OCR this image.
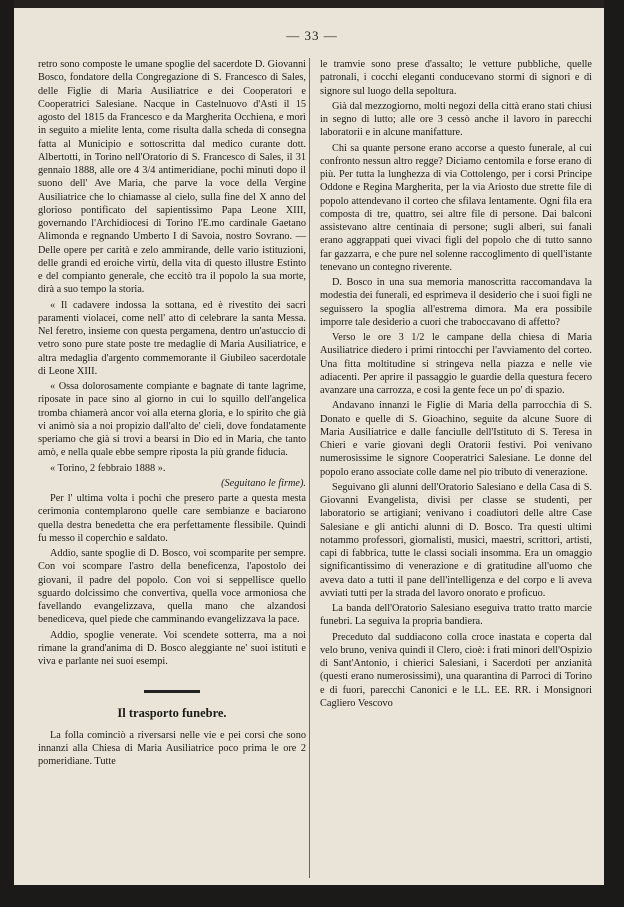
— 33 —

retro sono composte le umane spoglie del sacerdote D. Giovanni Bosco, fondatore della Congregazione di S. Francesco di Sales, delle Figlie di Maria Ausiliatrice e dei Cooperatori e Cooperatrici Salesiane. Nacque in Castelnuovo d'Asti il 15 agosto del 1815 da Francesco e da Margherita Occhiena, e morì in seguito a mielite lenta, come risulta dalla scheda di consegna fatta al Municipio e sottoscritta dal medico curante dott. Albertotti, in Torino nell'Oratorio di S. Francesco di Sales, il 31 gennaio 1888, alle ore 4 3/4 antimeridiane, pochi minuti dopo il suono dell' Ave Maria, che parve la voce della Vergine Ausiliatrice che lo chiamasse al cielo, sulla fine del X anno del glorioso pontificato del sapientissimo Papa Leone XIII, governando l'Archidiocesi di Torino l'E.mo cardinale Gaetano Alimonda e regnando Umberto I di Savoia, nostro Sovrano. — Delle opere per carità e zelo ammirande, delle vario istituzioni, delle grandi ed eroiche virtù, della vita di questo illustre Estinto e del compianto generale, che eccitò tra il popolo la sua morte, dirà a suo tempo la storia.

« Il cadavere indossa la sottana, ed è rivestito dei sacri paramenti violacei, come nell' atto di celebrare la santa Messa. Nel feretro, insieme con questa pergamena, dentro un'astuccio di vetro sono pure state poste tre medaglie di Maria Ausiliatrice, e altra medaglia d'argento commemorante il Giubileo sacerdotale di Leone XIII.

« Ossa dolorosamente compiante e bagnate di tante lagrime, riposate in pace sino al giorno in cui lo squillo dell'angelica tromba chiamerà ancor voi alla eterna gloria, e lo spirito che già vi animò sia a noi propizio dall'alto de' cieli, dove fondatamente speriamo che già si trovi a bearsi in Dio ed in Maria, che tanto amò, e nella quale ebbe sempre riposta la più grande fiducia.

« Torino, 2 febbraio 1888 ».

(Seguitano le firme).

Per l' ultima volta i pochi che presero parte a questa mesta cerimonia contemplarono quelle care sembianze e baciarono quella destra benedetta che era perfettamente flessibile. Quindi fu messo il coperchio e saldato.

Addio, sante spoglie di D. Bosco, voi scomparite per sempre. Con voi scompare l'astro della beneficenza, l'apostolo dei giovani, il padre del popolo. Con voi si seppellisce quello sguardo dolcissimo che convertiva, quella voce armoniosa che favellando evangelizzava, quella mano che alzandosi benediceva, quel piede che camminando evangelizzava la pace.

Addio, spoglie venerate. Voi scendete sotterra, ma a noi rimane la grand'anima di D. Bosco aleggiante ne' suoi istituti e viva e parlante nei suoi esempi.

Il trasporto funebre.

La folla cominciò a riversarsi nelle vie e pei corsi che sono innanzi alla Chiesa di Maria Ausiliatrice poco prima le ore 2 pomeridiane. Tutte

le tramvie sono prese d'assalto; le vetture pubbliche, quelle patronali, i cocchi eleganti conducevano stormi di signori e di signore sul luogo della sepoltura.

Già dal mezzogiorno, molti negozi della città erano stati chiusi in segno di lutto; alle ore 3 cessò anche il lavoro in parecchi laboratorii e in alcune manifatture.

Chi sa quante persone erano accorse a questo funerale, al cui confronto nessun altro regge? Diciamo centomila e forse erano di più. Per tutta la lunghezza di via Cottolengo, per i corsi Principe Oddone e Regina Margherita, per la via Ariosto due strette file di popolo attendevano il corteo che sfilava lentamente. Ogni fila era composta di tre, quattro, sei altre file di persone. Dai balconi assistevano altre centinaia di persone; sugli alberi, sui fanali erano aggrappati quei vivaci figli del popolo che di tutto sanno far gazzarra, e che pure nel solenne raccoglimento di quell'istante tenevano un contegno riverente.

D. Bosco in una sua memoria manoscritta raccomandava la modestia dei funerali, ed esprimeva il desiderio che i suoi figli ne seguissero la spoglia all'estrema dimora. Ma era possibile imporre tale desiderio a cuori che traboccavano di affetto?

Verso le ore 3 1/2 le campane della chiesa di Maria Ausiliatrice diedero i primi rintocchi per l'avviamento del corteo. Una fitta moltitudine si stringeva nella piazza e nelle vie adiacenti. Per aprire il passaggio le guardie della questura fecero avanzare una carrozza, e così la gente fece un po' di spazio.

Andavano innanzi le Figlie di Maria della parrocchia di S. Donato e quelle di S. Gioachino, seguite da alcune Suore di Maria Ausiliatrice e dalle fanciulle dell'Istituto di S. Teresa in Chieri e varie giovani degli Oratorii festivi. Poi venivano numerosissime le signore Cooperatrici Salesiane. Le donne del popolo erano associate colle dame nel pio tributo di venerazione.

Seguivano gli alunni dell'Oratorio Salesiano e della Casa di S. Giovanni Evangelista, divisi per classe se studenti, per laboratorio se artigiani; venivano i coadiutori delle altre Case Salesiane e gli antichi alunni di D. Bosco. Tra questi ultimi notammo professori, giornalisti, musici, maestri, scrittori, artisti, capi di fabbrica, tutte le classi sociali insomma. Era un omaggio significantissimo di venerazione e di gratitudine all'uomo che aveva dato a tutti il pane dell'intelligenza e del corpo e li aveva avviati tutti per la strada del lavoro onorato e proficuo.

La banda dell'Oratorio Salesiano eseguiva tratto tratto marcie funebri. La seguiva la propria bandiera.

Preceduto dal suddiacono colla croce inastata e coperta dal velo bruno, veniva quindi il Clero, cioè: i frati minori dell'Ospizio di Sant'Antonio, i chierici Salesiani, i Sacerdoti per anzianità (questi erano numerosissimi), una quarantina di Parroci di Torino e di fuori, parecchi Canonici e le LL. EE. RR. i Monsignori Cagliero Vescovo
